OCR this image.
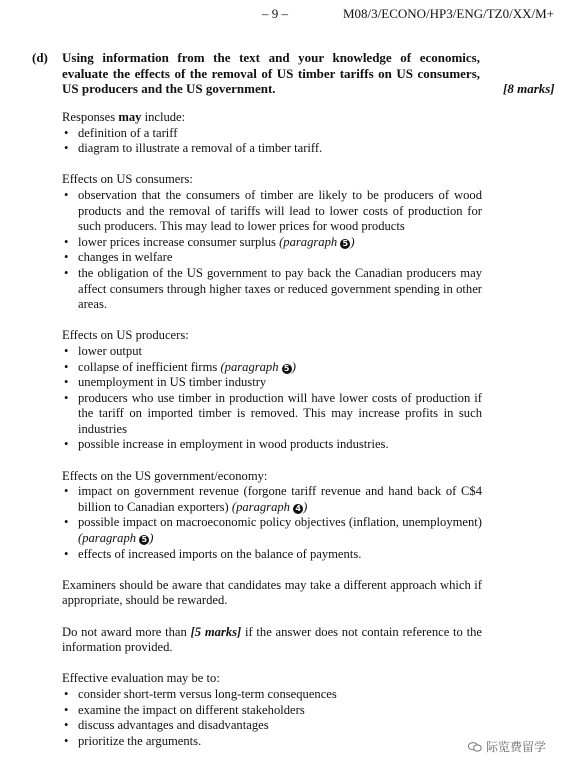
– 9 –	M08/3/ECONO/HP3/ENG/TZ0/XX/M+
(d) Using information from the text and your knowledge of economics, evaluate the effects of the removal of US timber tariffs on US consumers, US producers and the US government.	[8 marks]

Responses may include:

• definition of a tariff
• diagram to illustrate a removal of a timber tariff.

Effects on US consumers:

• observation that the consumers of timber are likely to be producers of wood products and the removal of tariffs will lead to lower costs of production for such producers. This may lead to lower prices for wood products
• lower prices increase consumer surplus (paragraph 5 )
• changes in welfare
• the obligation of the US government to pay back the Canadian producers may affect consumers through higher taxes or reduced government spending in other areas.

Effects on US producers:

• lower output
• collapse of inefficient firms (paragraph 5 )
• unemployment in US timber industry
• producers who use timber in production will have lower costs of production if the tariff on imported timber is removed. This may increase profits in such industries
• possible increase in employment in wood products industries.

Effects on the US government/economy:

• impact on government revenue (forgone tariff revenue and hand back of C$4 billion to Canadian exporters) (paragraph 4 )
• possible impact on macroeconomic policy objectives (inflation, unemployment) (paragraph 5 )
• effects of increased imports on the balance of payments.

Examiners should be aware that candidates may take a different approach which if appropriate, should be rewarded.

Do not award more than [5 marks] if the answer does not contain reference to the information provided.

Effective evaluation may be to:

• consider short-term versus long-term consequences
• examine the impact on different stakeholders
• discuss advantages and disadvantages
• prioritize the arguments.	际览费留学
